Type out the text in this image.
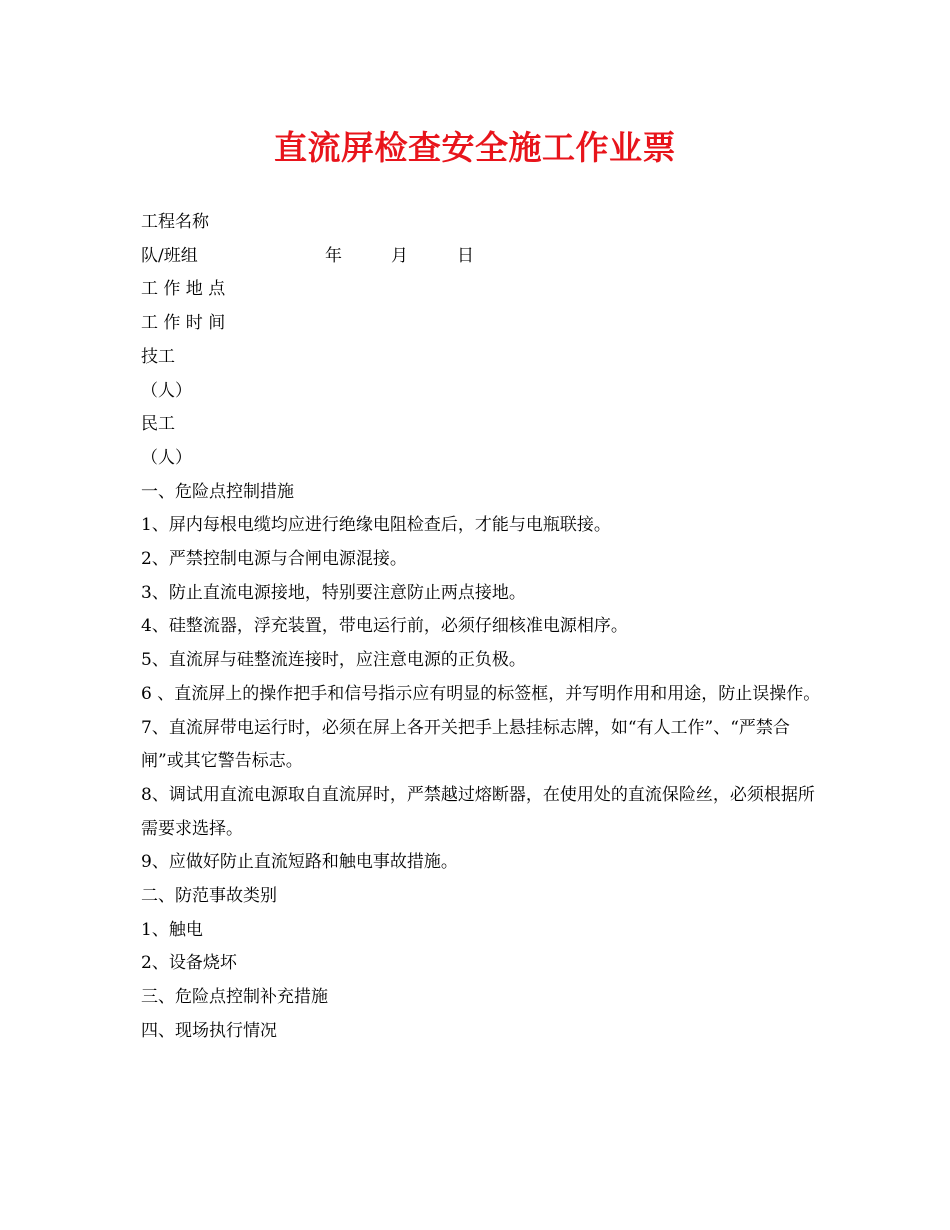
直流屏检查安全施工作业票
工程名称
队/班组	年	月	日
工 作 地 点
工 作 时 间
技工
（人）
民工
（人）
一、危险点控制措施
1、屏内每根电缆均应进行绝缘电阻检查后，才能与电瓶联接。
2、严禁控制电源与合闸电源混接。
3、防止直流电源接地，特别要注意防止两点接地。
4、硅整流器，浮充装置，带电运行前，必须仔细核准电源相序。
5、直流屏与硅整流连接时，应注意电源的正负极。
6 、直流屏上的操作把手和信号指示应有明显的标签框，并写明作用和用途，防止误操作。
7、直流屏带电运行时，必须在屏上各开关把手上悬挂标志牌，如“有人工作”、“严禁合闸”或其它警告标志。
8、调试用直流电源取自直流屏时，严禁越过熔断器，在使用处的直流保险丝，必须根据所需要求选择。
9、应做好防止直流短路和触电事故措施。
二、防范事故类别
1、触电
2、设备烧坏
三、危险点控制补充措施
四、现场执行情况
